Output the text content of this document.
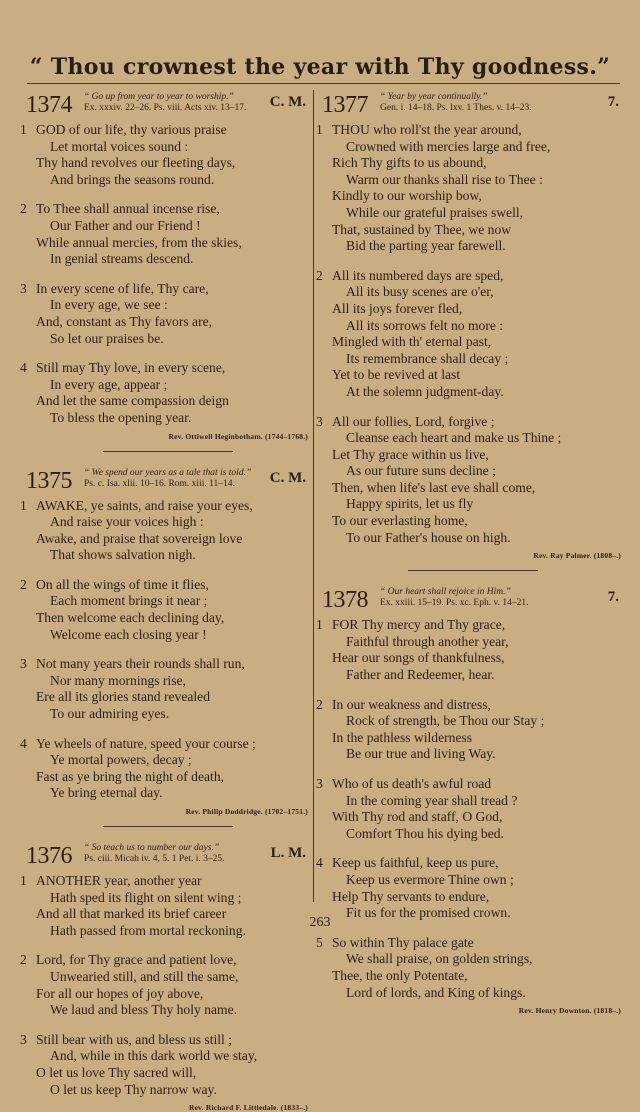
“ Thou crownest the year with Thy goodness.”
1374 “ Go up from year to year to worship.”
Ex. xxxiv. 22–26. Ps. viii. Acts xiv. 13–17. C. M.
1 GOD of our life, thy various praise
Let mortal voices sound :
Thy hand revolves our fleeting days,
And brings the seasons round.
2 To Thee shall annual incense rise,
Our Father and our Friend !
While annual mercies, from the skies,
In genial streams descend.
3 In every scene of life, Thy care,
In every age, we see :
And, constant as Thy favors are,
So let our praises be.
4 Still may Thy love, in every scene,
In every age, appear ;
And let the same compassion deign
To bless the opening year.
Rev. Ottiwell Heginbotham. (1744–1768.)
1375 “ We spend our years as a tale that is told.”
Ps. c. Isa. xlii. 10–16. Rom. xiii. 11–14. C. M.
1 AWAKE, ye saints, and raise your eyes,
And raise your voices high :
Awake, and praise that sovereign love
That shows salvation nigh.
2 On all the wings of time it flies,
Each moment brings it near ;
Then welcome each declining day,
Welcome each closing year !
3 Not many years their rounds shall run,
Nor many mornings rise,
Ere all its glories stand revealed
To our admiring eyes.
4 Ye wheels of nature, speed your course ;
Ye mortal powers, decay ;
Fast as ye bring the night of death,
Ye bring eternal day.
Rev. Philip Doddridge. (1702–1751.)
1376 “ So teach us to number our days.”
Ps. ciii. Micah iv. 4, 5. 1 Pet. i. 3–25.	L. M.
1 ANOTHER year, another year
Hath sped its flight on silent wing ;
And all that marked its brief career
Hath passed from mortal reckoning.
2 Lord, for Thy grace and patient love,
Unwearied still, and still the same,
For all our hopes of joy above,
We laud and bless Thy holy name.
3 Still bear with us, and bless us still ;
And, while in this dark world we stay,
O let us love Thy sacred will,
O let us keep Thy narrow way.
Rev. Richard F. Littledale. (1833–.)
1377 “ Year by year continually.”
Gen. i. 14–18. Ps. lxv. 1 Thes. v. 14–23.	7.
1 THOU who roll'st the year around,
Crowned with mercies large and free,
Rich Thy gifts to us abound,
Warm our thanks shall rise to Thee :
Kindly to our worship bow,
While our grateful praises swell,
That, sustained by Thee, we now
Bid the parting year farewell.
2 All its numbered days are sped,
All its busy scenes are o'er,
All its joys forever fled,
All its sorrows felt no more :
Mingled with th' eternal past,
Its remembrance shall decay ;
Yet to be revived at last
At the solemn judgment-day.
3 All our follies, Lord, forgive ;
Cleanse each heart and make us Thine ;
Let Thy grace within us live,
As our future suns decline ;
Then, when life's last eve shall come,
Happy spirits, let us fly
To our everlasting home,
To our Father's house on high.
Rev. Ray Palmer. (1808–.)
1378 “ Our heart shall rejoice in Him.”
Ex. xxiii. 15–19. Ps. xc. Eph. v. 14–21.	7.
1 FOR Thy mercy and Thy grace,
Faithful through another year,
Hear our songs of thankfulness,
Father and Redeemer, hear.
2 In our weakness and distress,
Rock of strength, be Thou our Stay ;
In the pathless wilderness
Be our true and living Way.
3 Who of us death's awful road
In the coming year shall tread ?
With Thy rod and staff, O God,
Comfort Thou his dying bed.
4 Keep us faithful, keep us pure,
Keep us evermore Thine own ;
Help Thy servants to endure,
Fit us for the promised crown.
5 So within Thy palace gate
We shall praise, on golden strings,
Thee, the only Potentate,
Lord of lords, and King of kings.
Rev. Henry Downton. (1818–.)
263
